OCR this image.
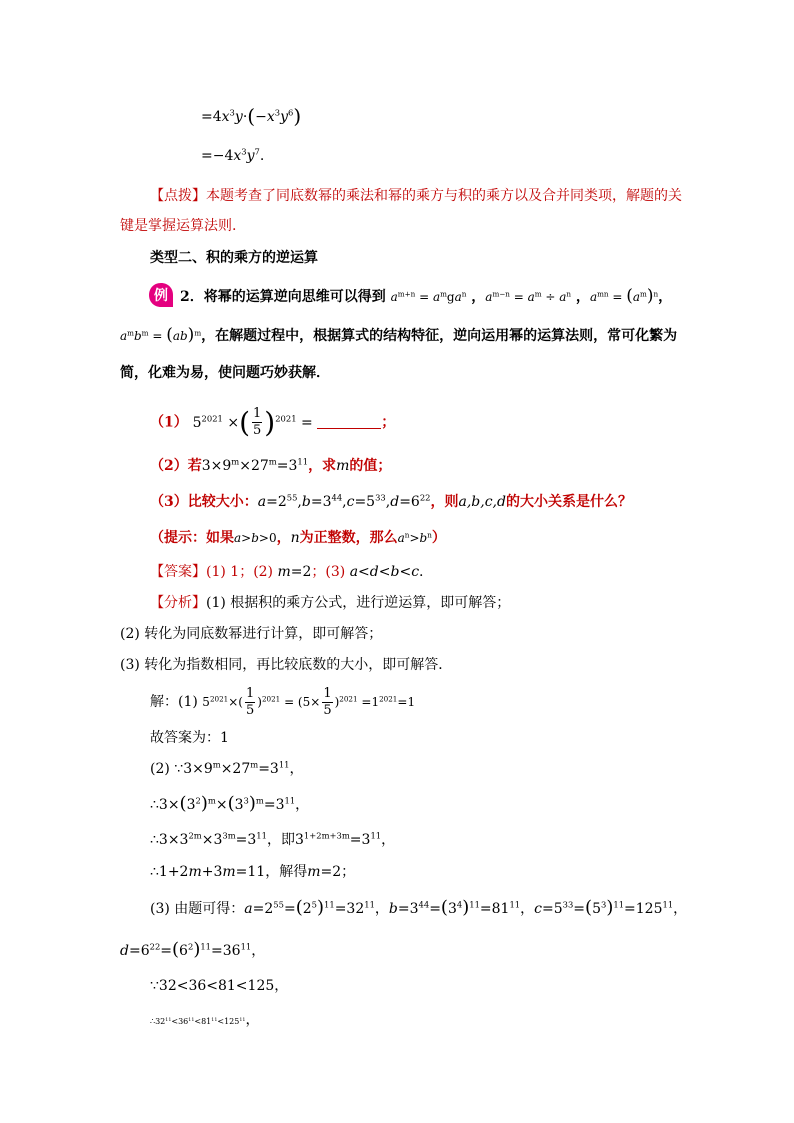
$=4x^3y\cdot(-x^3y^6)$
$=-4x^3y^7$.
【点拨】本题考查了同底数幂的乘法和幂的乘方与积的乘方以及合并同类项，解题的关
键是掌握运算法则.
类型二、积的乘方的逆运算
例 2．将幂的运算逆向思维可以得到 $a^{m+n} = a^mga^n$ ，$a^{m-n} = a^m \div a^n$ ，$a^{mn} = (a^m)^n$，
$a^mb^m = (ab)^m$，在解题过程中，根据算式的结构特征，逆向运用幂的运算法则，常可化繁为
简，化难为易，使问题巧妙获解．
（1） $5^{2021}$ ×( $\frac{1}{5} )^{2021}$ =	；
（2）若$3\times 9^m\times 27^m=3^{11}$，求m的值；
（3）比较大小：$a=2^{55},b=3^{44},c=5^{33},d=6^{22}$，则a,b,c,d的大小关系是什么？
（提示：如果a>b>0，n为正整数，那么$a^n>b^n$）
【答案】(1) 1；(2) m=2；(3) a<d<b<c.
【分析】(1) 根据积的乘方公式，进行逆运算，即可解答；
(2) 转化为同底数幂进行计算，即可解答；
(3) 转化为指数相同，再比较底数的大小，即可解答．
解：(1) $5^{2021}\times( \frac{1}{5} )^{2021} = (5\times \frac{1}{5} )^{2021} =1^{2021}=1$
故答案为：1
(2) $\because 3\times 9^m\times 27^m=3^{11}$，
$\therefore 3\times(3^2)^m\times(3^3)^m=3^{11}$，
$\therefore 3\times 3^{2m}\times 3^{3m}=3^{11}$，即$3^{1+2m+3m}=3^{11}$，
∴1+2m+3m=11，解得m=2；
(3) 由题可得：$a=2^{55}=(2^5)^{11}=32^{11}$，$b=3^{44}=(3^4)^{11}=81^{11}$，$c=5^{33}=(5^3)^{11}=125^{11}$，
$d=6^{22}=(6^2)^{11}=36^{11}$，
∵32<36<81<125，
$\therefore 32^{11}<36^{11}<81^{11}<125^{11}$，
